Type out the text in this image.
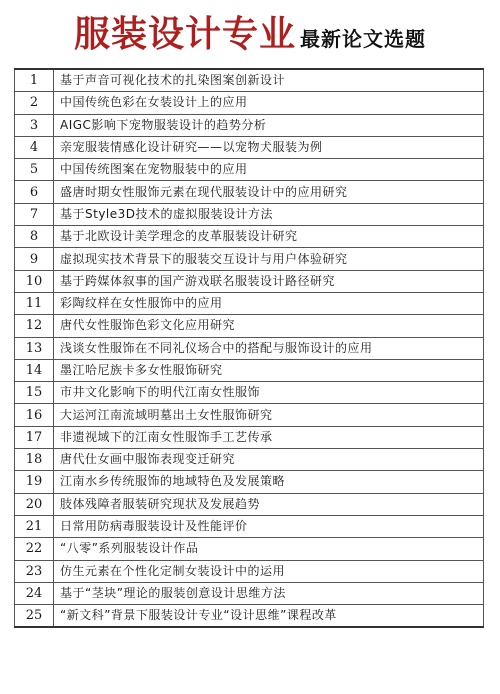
服装设计专业 最新论文选题
1	基于声音可视化技术的扎染图案创新设计
2	中国传统色彩在女装设计上的应用
3	AIGC影响下宠物服装设计的趋势分析
4	亲宠服装情感化设计研究——以宠物犬服装为例
5	中国传统图案在宠物服装中的应用
6	盛唐时期女性服饰元素在现代服装设计中的应用研究
7	基于Style3D技术的虚拟服装设计方法
8	基于北欧设计美学理念的皮革服装设计研究
9	虚拟现实技术背景下的服装交互设计与用户体验研究
10	基于跨媒体叙事的国产游戏联名服装设计路径研究
11	彩陶纹样在女性服饰中的应用
12	唐代女性服饰色彩文化应用研究
13	浅谈女性服饰在不同礼仪场合中的搭配与服饰设计的应用
14	墨江哈尼族卡多女性服饰研究
15	市井文化影响下的明代江南女性服饰
16	大运河江南流域明墓出土女性服饰研究
17	非遗视域下的江南女性服饰手工艺传承
18	唐代仕女画中服饰表现变迁研究
19	江南水乡传统服饰的地域特色及发展策略
20	肢体残障者服装研究现状及发展趋势
21	日常用防病毒服装设计及性能评价
22	“八零”系列服装设计作品
23	仿生元素在个性化定制女装设计中的运用
24	基于“茎块”理论的服装创意设计思维方法
25	“新文科”背景下服装设计专业“设计思维”课程改革
